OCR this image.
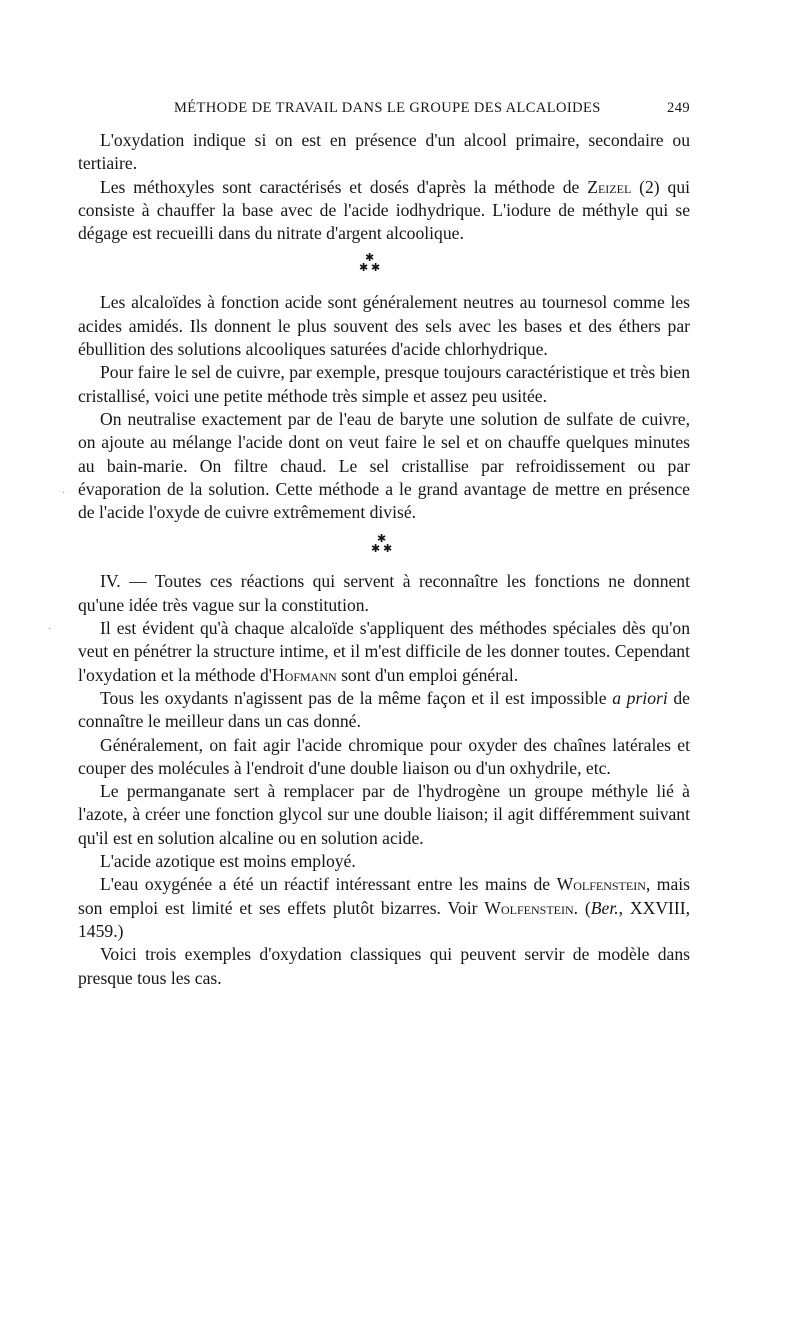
MÉTHODE DE TRAVAIL DANS LE GROUPE DES ALCALOIDES	249

L'oxydation indique si on est en présence d'un alcool primaire, secondaire ou tertiaire.

Les méthoxyles sont caractérisés et dosés d'après la méthode de Zeizel (2) qui consiste à chauffer la base avec de l'acide iodhydrique. L'iodure de méthyle qui se dégage est recueilli dans du nitrate d'argent alcoolique.

✱
✱ ✱

Les alcaloïdes à fonction acide sont généralement neutres au tournesol comme les acides amidés. Ils donnent le plus souvent des sels avec les bases et des éthers par ébullition des solutions alcooliques saturées d'acide chlorhydrique.

Pour faire le sel de cuivre, par exemple, presque toujours caractéristique et très bien cristallisé, voici une petite méthode très simple et assez peu usitée.

On neutralise exactement par de l'eau de baryte une solution de sulfate de cuivre, on ajoute au mélange l'acide dont on veut faire le sel et on chauffe quelques minutes au bain-marie. On filtre chaud. Le sel cristallise par refroidissement ou par évaporation de la solution. Cette méthode a le grand avantage de mettre en présence de l'acide l'oxyde de cuivre extrêmement divisé.

✱
✱ ✱

IV. — Toutes ces réactions qui servent à reconnaître les fonctions ne donnent qu'une idée très vague sur la constitution.

Il est évident qu'à chaque alcaloïde s'appliquent des méthodes spéciales dès qu'on veut en pénétrer la structure intime, et il m'est difficile de les donner toutes. Cependant l'oxydation et la méthode d'Hofmann sont d'un emploi général.

Tous les oxydants n'agissent pas de la même façon et il est impossible a priori de connaître le meilleur dans un cas donné.

Généralement, on fait agir l'acide chromique pour oxyder des chaînes latérales et couper des molécules à l'endroit d'une double liaison ou d'un oxhydrile, etc.

Le permanganate sert à remplacer par de l'hydrogène un groupe méthyle lié à l'azote, à créer une fonction glycol sur une double liaison; il agit différemment suivant qu'il est en solution alcaline ou en solution acide.

L'acide azotique est moins employé.

L'eau oxygénée a été un réactif intéressant entre les mains de Wolfenstein, mais son emploi est limité et ses effets plutôt bizarres. Voir Wolfenstein. (Ber., XXVIII, 1459.)

Voici trois exemples d'oxydation classiques qui peuvent servir de modèle dans presque tous les cas.

·
·
